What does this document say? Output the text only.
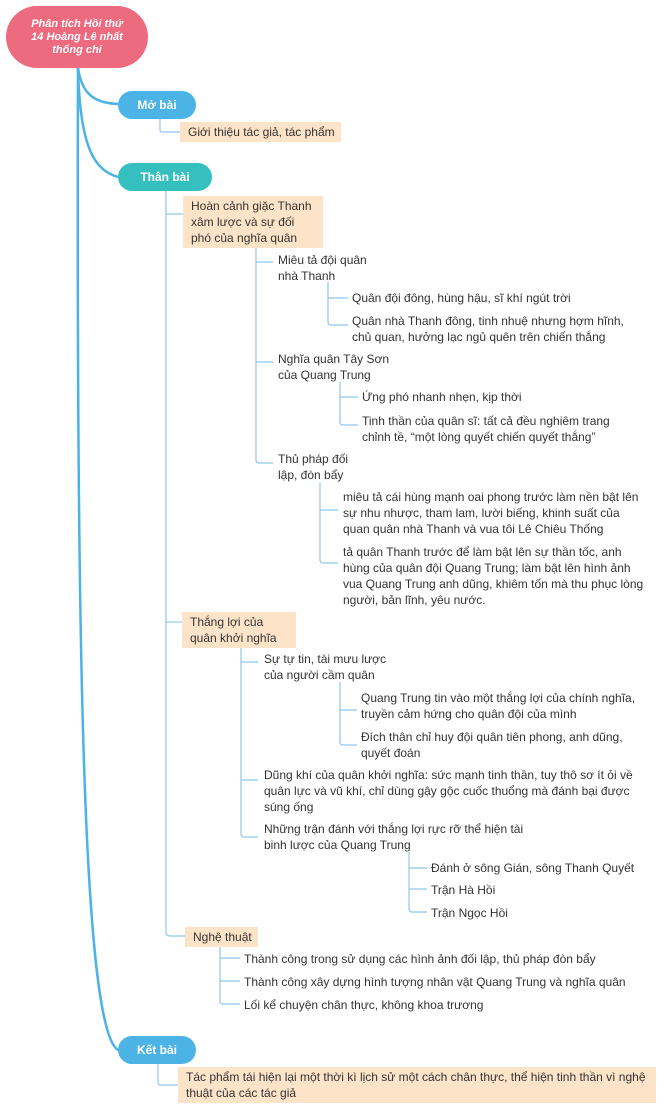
Phân tích Hồi thứ 14 Hoàng Lê nhất thống chí
Mở bài
Thân bài
Kết bài
Giới thiệu tác giả, tác phẩm
Hoàn cảnh giặc Thanh xâm lược và sự đối phó của nghĩa quân
Miêu tả đội quân nhà Thanh
Quân đội đông, hùng hậu, sĩ khí ngút trời
Quân nhà Thanh đông, tinh nhuệ nhưng hợm hĩnh, chủ quan, hưởng lạc ngủ quên trên chiến thắng
Nghĩa quân Tây Sơn của Quang Trung
Ứng phó nhanh nhẹn, kịp thời
Tinh thần của quân sĩ: tất cả đều nghiêm trang chỉnh tề, “một lòng quyết chiến quyết thắng”
Thủ pháp đối lập, đòn bẩy
miêu tả cái hùng mạnh oai phong trước làm nền bật lên sự nhu nhược, tham lam, lười biếng, khinh suất của quan quân nhà Thanh và vua tôi Lê Chiêu Thống
tả quân Thanh trước để làm bật lên sự thần tốc, anh hùng của quân đội Quang Trung; làm bật lên hình ảnh vua Quang Trung anh dũng, khiêm tốn mà thu phục lòng người, bản lĩnh, yêu nước.
Thắng lợi của quân khởi nghĩa
Sự tự tin, tài mưu lược của người cầm quân
Quang Trung tin vào một thắng lợi của chính nghĩa, truyền cảm hứng cho quân đội của mình
Đích thân chỉ huy đội quân tiên phong, anh dũng, quyết đoán
Dũng khí của quân khởi nghĩa: sức mạnh tinh thần, tuy thô sơ ít ỏi về quân lực và vũ khí, chỉ dùng gậy gộc cuốc thuổng mà đánh bại được súng ống
Những trận đánh với thắng lợi rực rỡ thể hiện tài binh lược của Quang Trung
Đánh ở sông Gián, sông Thanh Quyết
Trận Hà Hồi
Trận Ngọc Hồi
Nghệ thuật
Thành công trong sử dụng các hình ảnh đối lập, thủ pháp đòn bẩy
Thành công xây dựng hình tượng nhân vật Quang Trung và nghĩa quân
Lối kể chuyện chân thực, không khoa trương
Tác phẩm tái hiện lại một thời kì lịch sử một cách chân thực, thể hiện tinh thần vì nghệ thuật của các tác giả
